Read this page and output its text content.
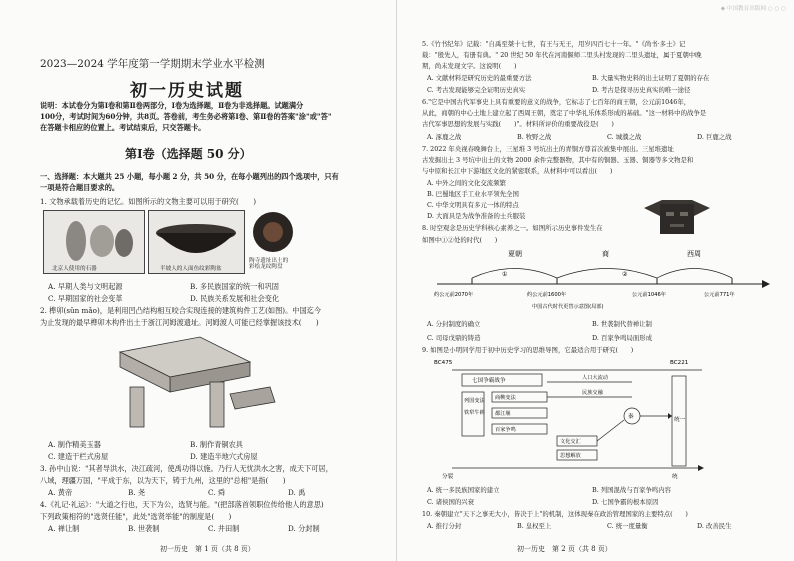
2023—2024 学年度第一学期期末学业水平检测
初一历史试题
说明：本试卷分为第Ⅰ卷和第Ⅱ卷两部分，Ⅰ卷为选择题，Ⅱ卷为非选择题。试题满分
100分，考试时间为60分钟，共8页。答卷前，考生务必将第Ⅰ卷、第Ⅱ卷的答案"涂"或"答"
在答题卡相应的位置上。考试结束后，只交答题卡。
第Ⅰ卷（选择题 50 分）
一、选择题：本大题共 25 小题，每小题 2 分，共 50 分，在每小题列出的四个选项中，只有
一项是符合题目要求的。
1. 文物承载着历史的记忆。如图所示的文物主要可以用于研究(　　)
北京人使用的石器	半坡人的人面鱼纹彩陶盆
陶寺遗址出土的
彩绘龙纹陶盘
A. 早期人类与文明起源	B. 多民族国家的统一和巩固
C. 早期国家的社会变革	D. 民族关系发展和社会变化
2. 榫卯(sǔn mǎo)，是利用凹凸结构相互咬合实现连接的建筑构件工艺(如图)。中国迄今
为止发现的最早榫卯木构件出土于浙江河姆渡遗址。河姆渡人可能已经掌握该技术(　　)
A. 制作精美玉器	B. 制作青铜农具
C. 建造干栏式房屋	D. 建造半地穴式房屋
3. 孙中山说："其者导洪水，决江疏河，使禹功得以施。乃行人无忧洪水之害，成天下可居，
八域，理疆万国，"平成于东，以为天下，铸于九州，这里的"总相"是指(　　)
A. 黄帝	B. 尧	C. 舜	D. 禹
4.《礼记·礼运》："大道之行也，天下为公，选贤与能。"(把部落首领职位传给他人的意思)
下列政策相符的"选贤任能"，此处"选贤举能"的制度是(　　)
A. 禅让制	B. 世袭制	C. 井田制	D. 分封制
初一历史　第 1 页（共 8 页）
◆ 中国教育出版网 ○ ○ ○
5.《竹书纪年》记载："自禹至桀十七世，有王与无王，用岁四百七十一年。"《尚书·多士》记
载："殷先人，有册有典。" 20 世纪 50 年代在河南偃师二里头村发现的二里头遗址，属于夏朝中晚
期，尚未发现文字。这说明(　　)
A. 文献材料是研究历史的最重要方法	B. 大量实物史料的出土证明了夏朝的存在
C. 考古发现能够完全证明历史真实	D. 考古是探寻历史真实的唯一途径
6."它是中国古代军事史上具有重要的意义的战争，它标志了七百年的商王朝，公元前1046年，
从此，商朝的中心土地上建立起了西周王朝，奠定了中华礼乐体系形成的基础。"这一材料中的战争是
古代军事思想的发展与实践(　　)"。材料所评价的重要战役是(　　)
A. 涿鹿之战	B. 牧野之战	C. 城濮之战	D. 巨鹿之战
7. 2022 年央视春晚舞台上，三星堆 3 号坑出土的青铜方尊首次被集中展出。三星堆遗址
古发掘出土 3 号坑中出土的文物 2000 余件完整器物，其中有的铜器、玉器、铜器等多文物是和
与中原和长江中下游地区文化的紧密联系，从材料中可以看出(　　)
A. 中外之间的文化交流频繁
B. 巴蜀地区手工业水平领先全国
C. 中华文明具有多元一体的特点
D. 大面具是为战争准备的士兵服装
8. 时空观念是历史学科核心素养之一。如图所示历史事件发生在
如图中①②处的时代(　　)
夏朝	商	西周
①	②
约公元前2070年	约公元前1600年	公元前1046年	公元前771年
中国古代时代更替示意图(局部)
A. 分封制度的确立	B. 世袭制代替禅让制
C. 司母戊鼎的铸造	D. 百家争鸣局面形成
9. 如图是小明同学用于初中历史学习的思维导图，它最适合用于研究(　　)
BC475	BC221
七国争霸战争
列国变法
铁犁牛耕
商鞅变法
都江堰
百家争鸣
人口大流动
民族交融
文化交汇
思想解放
秦	统一
分裂	统
A. 统一多民族国家的建立	B. 列国混战与百家争鸣内容
C. 诸侯国的兴衰	D. 七国争霸的根本原因
10. 秦朝建立"天下之事无大小，皆决于上"的机制，这体现秦在政治管理国家的主要特点(　　)
A. 推行分封	B. 皇权至上	C. 统一度量衡	D. 改善民生
初一历史　第 2 页（共 8 页）
